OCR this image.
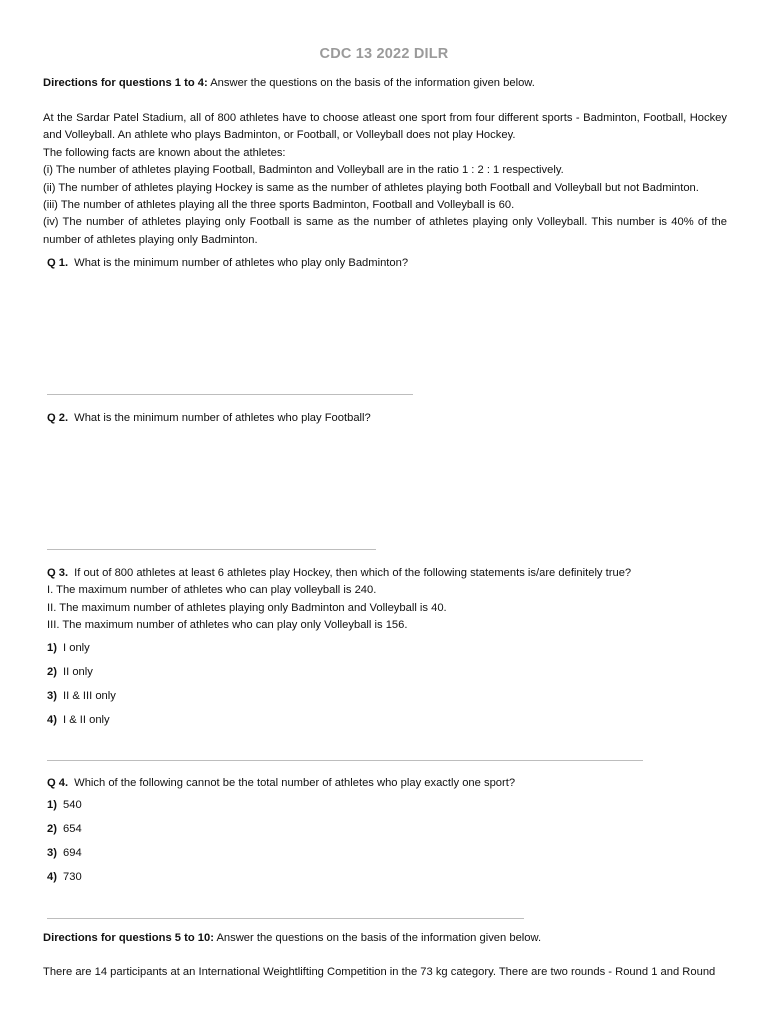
CDC 13 2022 DILR
Directions for questions 1 to 4: Answer the questions on the basis of the information given below.

At the Sardar Patel Stadium, all of 800 athletes have to choose atleast one sport from four different sports - Badminton, Football, Hockey and Volleyball. An athlete who plays Badminton, or Football, or Volleyball does not play Hockey.

The following facts are known about the athletes:

(i) The number of athletes playing Football, Badminton and Volleyball are in the ratio 1 : 2 : 1 respectively.

(ii) The number of athletes playing Hockey is same as the number of athletes playing both Football and Volleyball but not Badminton.

(iii) The number of athletes playing all the three sports Badminton, Football and Volleyball is 60.

(iv) The number of athletes playing only Football is same as the number of athletes playing only Volleyball. This number is 40% of the number of athletes playing only Badminton.

Q 1. What is the minimum number of athletes who play only Badminton?
Q 2. What is the minimum number of athletes who play Football?
Q 3. If out of 800 athletes at least 6 athletes play Hockey, then which of the following statements is/are definitely true?

I. The maximum number of athletes who can play volleyball is 240.

II. The maximum number of athletes playing only Badminton and Volleyball is 40.

III. The maximum number of athletes who can play only Volleyball is 156.

1) I only
2) II only
3) II & III only
4) I & II only
Q 4. Which of the following cannot be the total number of athletes who play exactly one sport?
1) 540
2) 654
3) 694
4) 730
Directions for questions 5 to 10: Answer the questions on the basis of the information given below.
There are 14 participants at an International Weightlifting Competition in the 73 kg category. There are two rounds - Round 1 and Round
